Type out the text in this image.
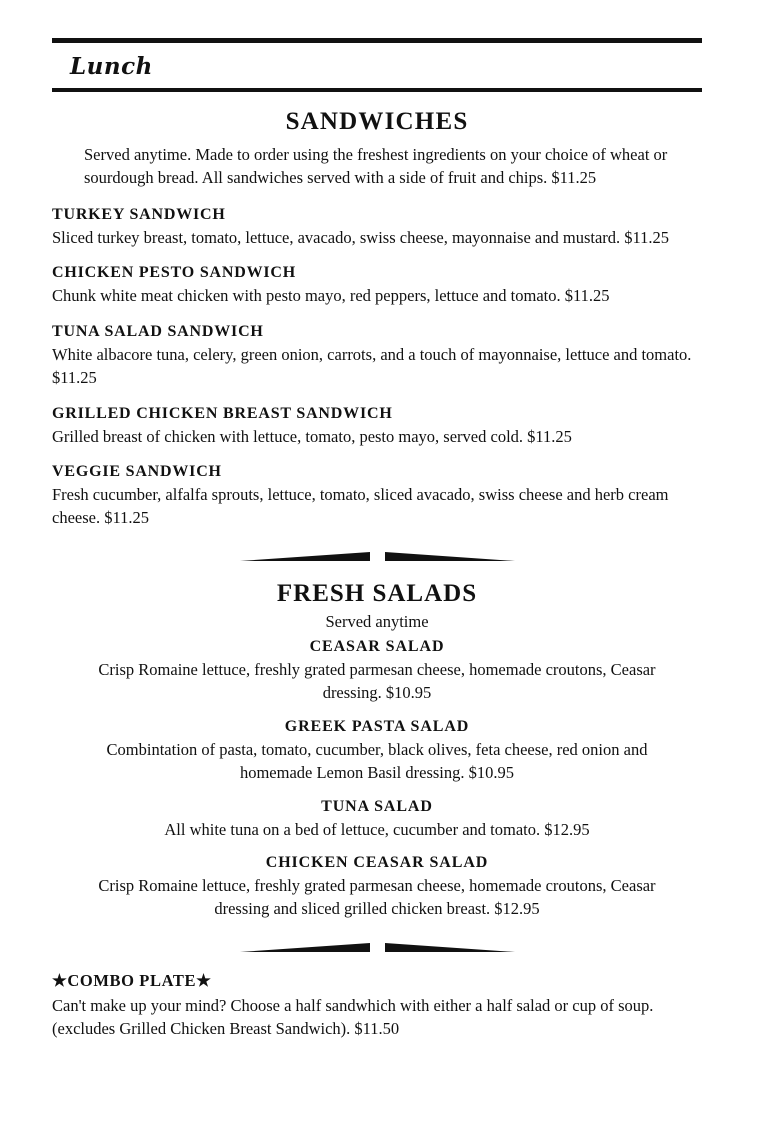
Lunch
SANDWICHES

Served anytime. Made to order using the freshest ingredients on your choice of wheat or sourdough bread. All sandwiches served with a side of fruit and chips. $11.25

TURKEY SANDWICH

Sliced turkey breast, tomato, lettuce, avacado, swiss cheese, mayonnaise and mustard. $11.25

CHICKEN PESTO SANDWICH

Chunk white meat chicken with pesto mayo, red peppers, lettuce and tomato. $11.25

TUNA SALAD SANDWICH

White albacore tuna, celery, green onion, carrots, and a touch of mayonnaise, lettuce and tomato. $11.25

GRILLED CHICKEN BREAST SANDWICH

Grilled breast of chicken with lettuce, tomato, pesto mayo, served cold. $11.25

VEGGIE SANDWICH

Fresh cucumber, alfalfa sprouts, lettuce, tomato, sliced avacado, swiss cheese and herb cream cheese. $11.25

FRESH SALADS
Served anytime
CEASAR SALAD

Crisp Romaine lettuce, freshly grated parmesan cheese, homemade croutons, Ceasar dressing. $10.95

GREEK PASTA SALAD

Combintation of pasta, tomato, cucumber, black olives, feta cheese, red onion and homemade Lemon Basil dressing. $10.95

TUNA SALAD

All white tuna on a bed of lettuce, cucumber and tomato. $12.95

CHICKEN CEASAR SALAD

Crisp Romaine lettuce, freshly grated parmesan cheese, homemade croutons, Ceasar dressing and sliced grilled chicken breast. $12.95

★COMBO PLATE★

Can't make up your mind? Choose a half sandwhich with either a half salad or cup of soup. (excludes Grilled Chicken Breast Sandwich). $11.50
